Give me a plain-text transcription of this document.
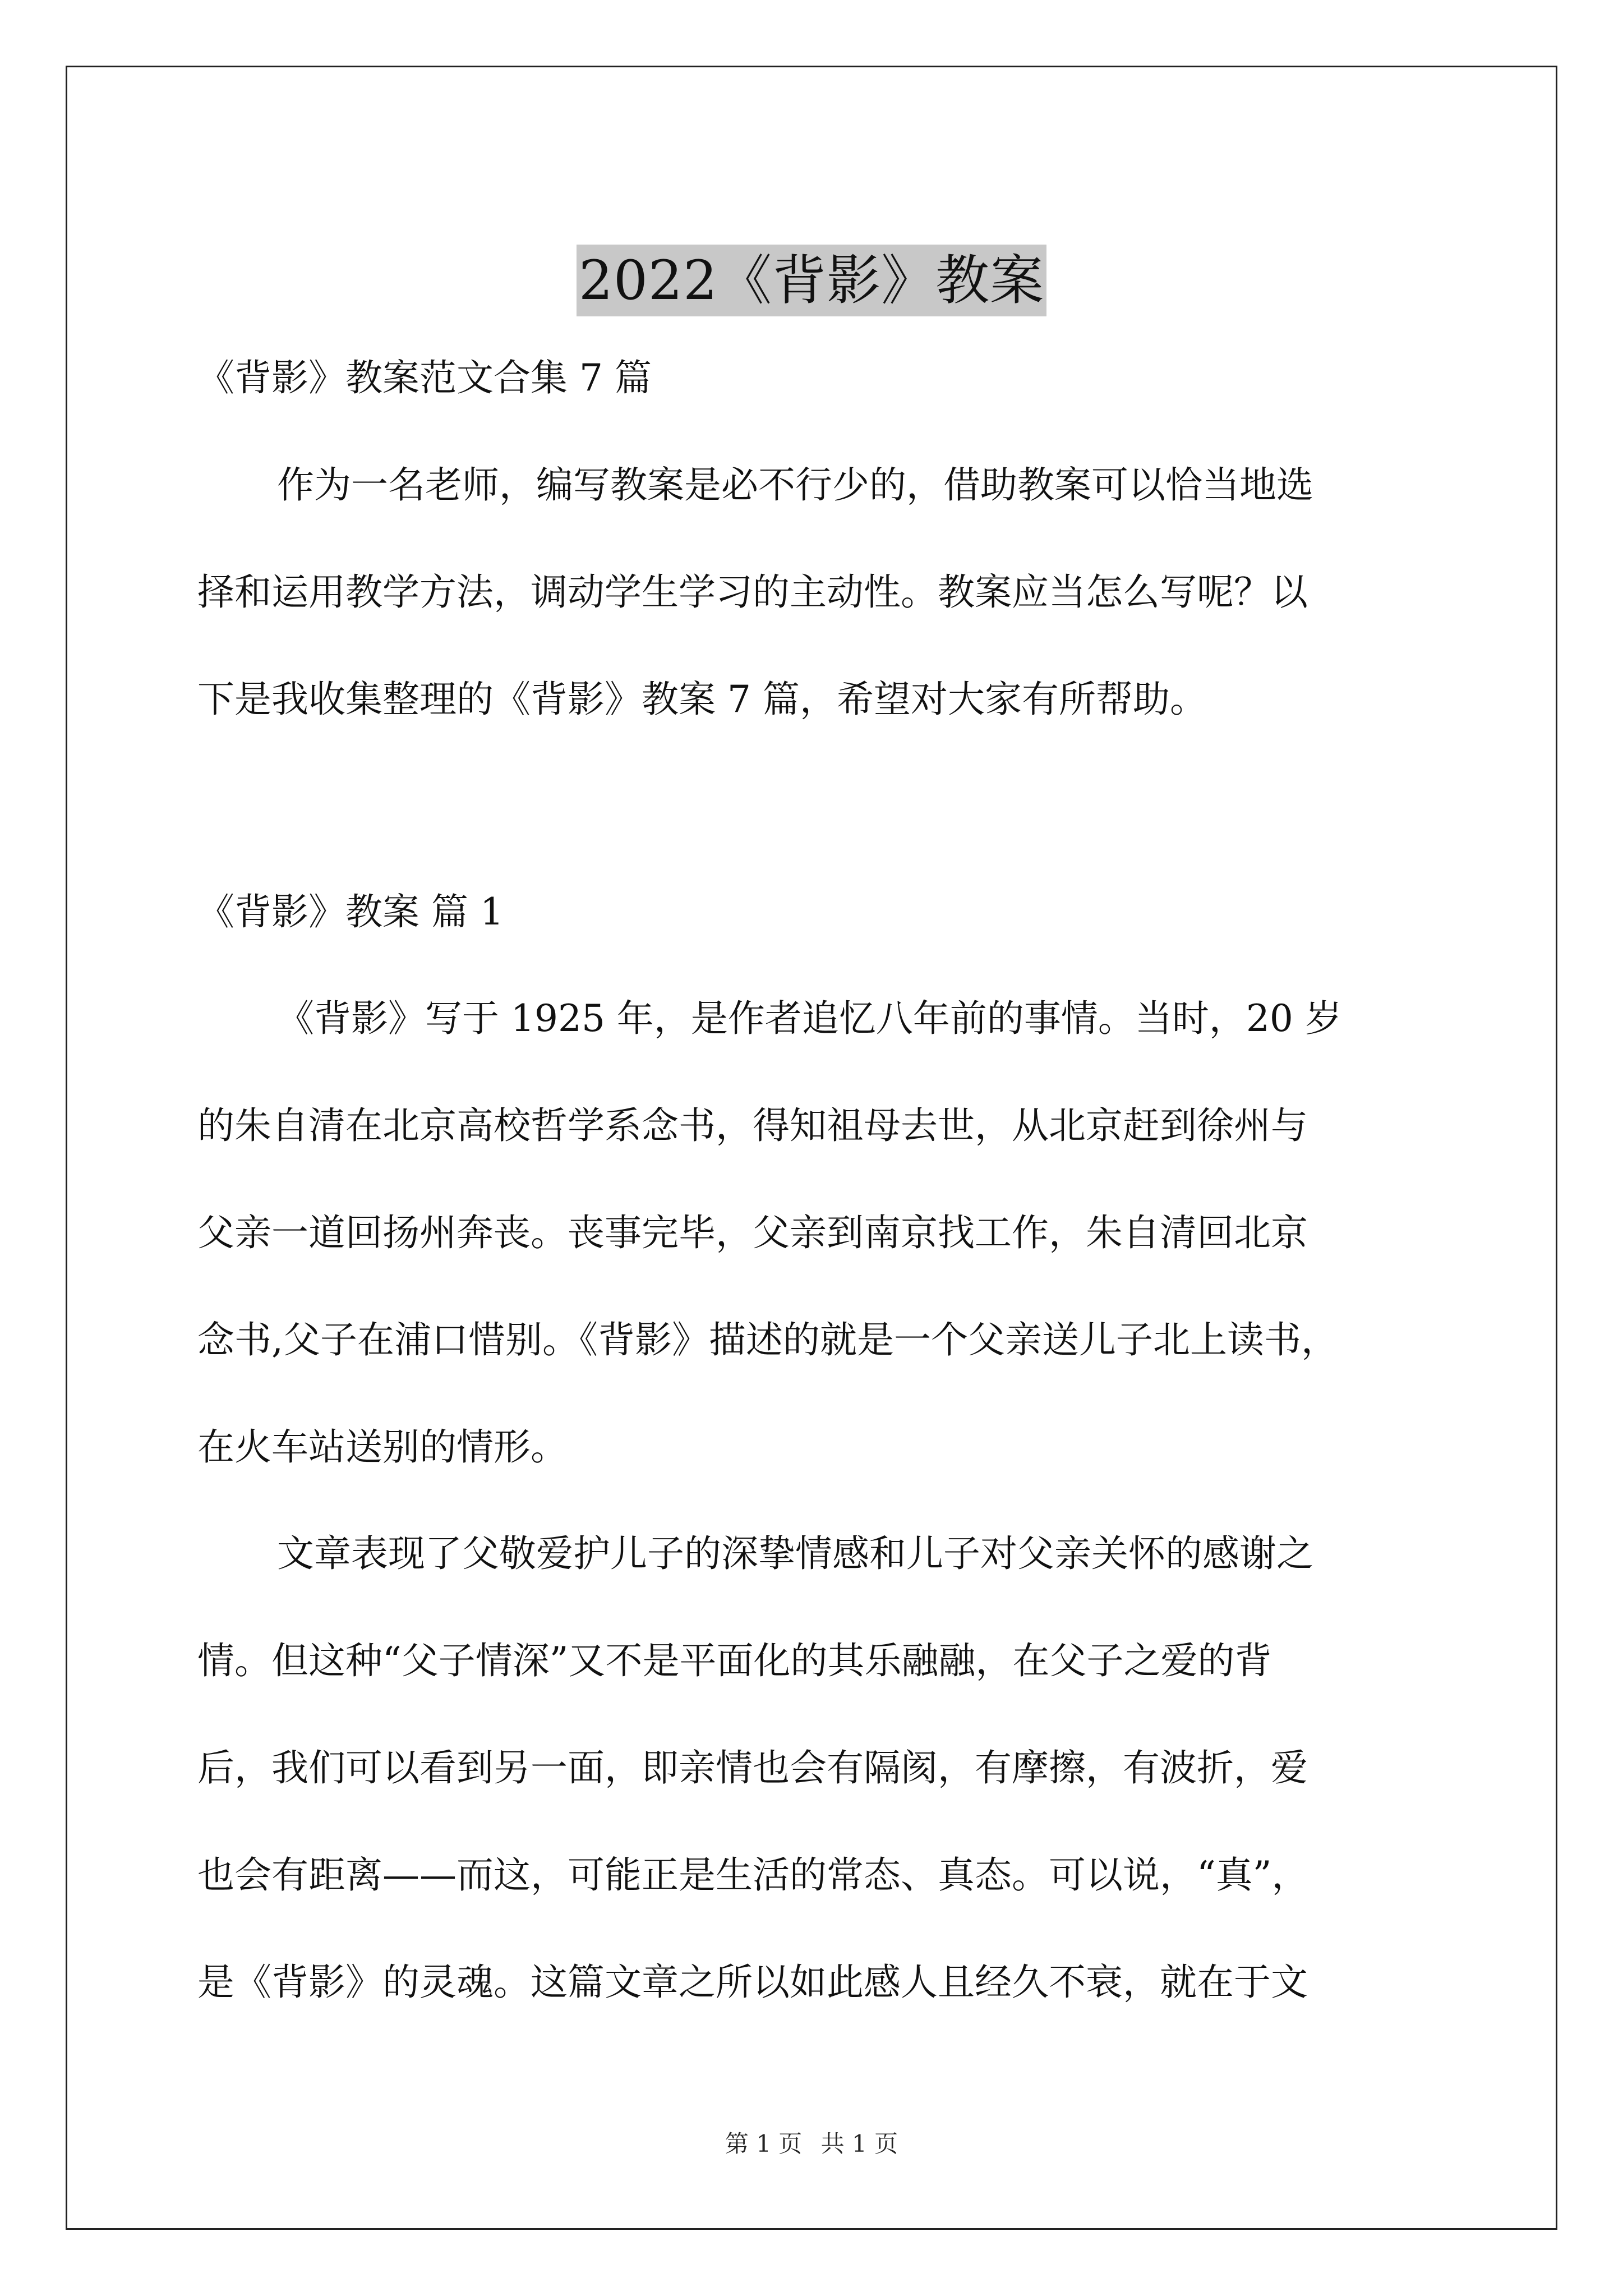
2022《背影》教案
《背影》教案范文合集 7 篇
作为一名老师，编写教案是必不行少的，借助教案可以恰当地选
择和运用教学方法，调动学生学习的主动性。教案应当怎么写呢？以
下是我收集整理的《背影》教案 7 篇，希望对大家有所帮助。
《背影》教案 篇 1
《背影》写于 1925 年，是作者追忆八年前的事情。当时，20 岁
的朱自清在北京高校哲学系念书，得知祖母去世，从北京赶到徐州与
父亲一道回扬州奔丧。丧事完毕，父亲到南京找工作，朱自清回北京
念书,父子在浦口惜别。《背影》描述的就是一个父亲送儿子北上读书，
在火车站送别的情形。
文章表现了父敬爱护儿子的深挚情感和儿子对父亲关怀的感谢之
情。但这种“父子情深”又不是平面化的其乐融融，在父子之爱的背
后，我们可以看到另一面，即亲情也会有隔阂，有摩擦，有波折，爱
也会有距离——而这，可能正是生活的常态、真态。可以说，“真”，
是《背影》的灵魂。这篇文章之所以如此感人且经久不衰，就在于文
第 1 页 共 1 页
